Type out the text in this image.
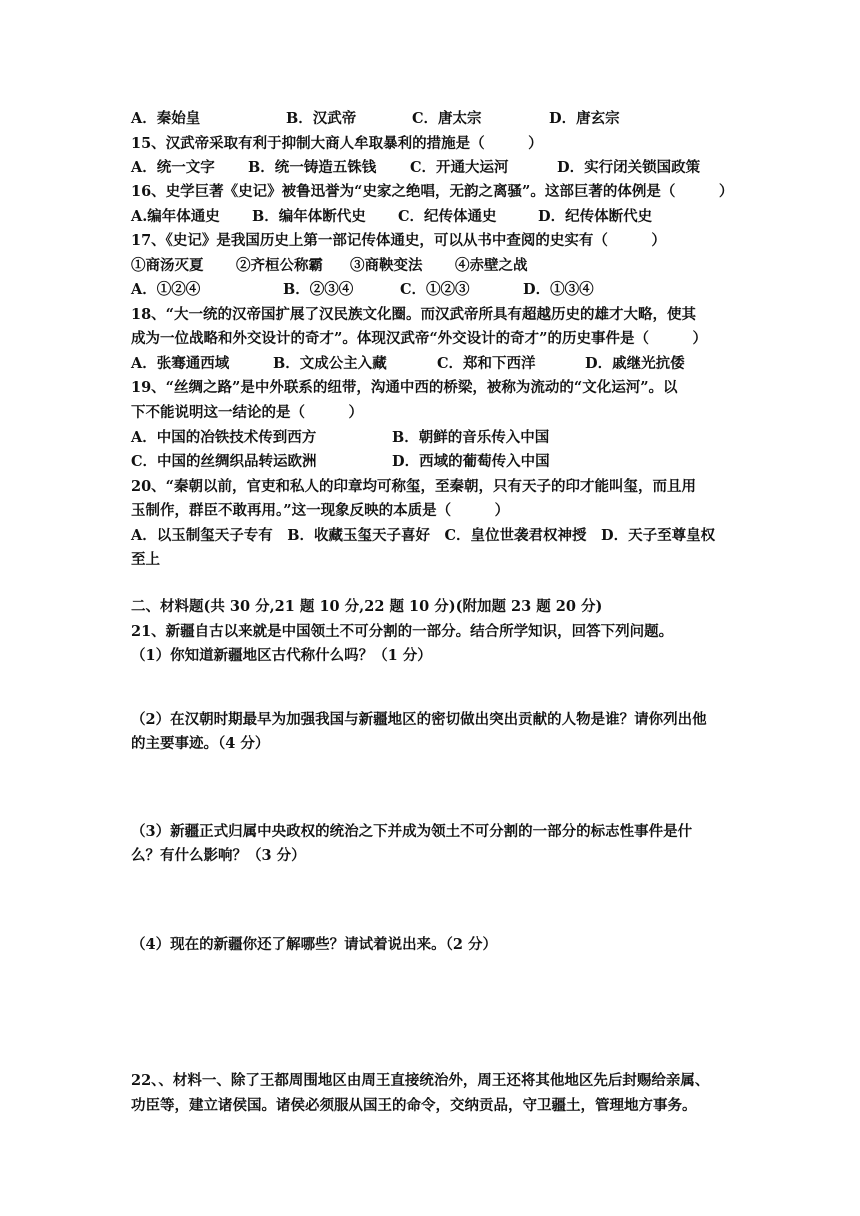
A．秦始皇	B．汉武帝	C．唐太宗	D．唐玄宗
15、汉武帝采取有利于抑制大商人牟取暴利的措施是（　　　）
A．统一文字 B．统一铸造五铢钱 C．开通大运河	D．实行闭关锁国政策
16、史学巨著《史记》被鲁迅誉为“史家之绝唱，无韵之离骚”。这部巨著的体例是（　　　）
A.编年体通史 B．编年体断代史 C．纪传体通史	D．纪传体断代史
17、《史记》是我国历史上第一部记传体通史，可以从书中查阅的史实有（　　　）
①商汤灭夏 ②齐桓公称霸 ③商鞅变法 ④赤壁之战
A．①②④	B．②③④	C．①②③	D．①③④
18、“大一统的汉帝国扩展了汉民族文化圈。而汉武帝所具有超越历史的雄才大略，使其
成为一位战略和外交设计的奇才”。体现汉武帝“外交设计的奇才”的历史事件是（　　　）
A．张骞通西域	B．文成公主入藏	C．郑和下西洋	D．戚继光抗倭
19、“丝绸之路”是中外联系的纽带，沟通中西的桥梁，被称为流动的“文化运河”。以
下不能说明这一结论的是（　　　）
A．中国的冶铁技术传到西方	B．朝鲜的音乐传入中国
C．中国的丝绸织品转运欧洲	D．西域的葡萄传入中国
20、“秦朝以前，官吏和私人的印章均可称玺，至秦朝，只有天子的印才能叫玺，而且用
玉制作，群臣不敢再用。”这一现象反映的本质是（　　　）
A．以玉制玺天子专有　B．收藏玉玺天子喜好　C．皇位世袭君权神授　D．天子至尊皇权
至上
二、材料题(共 30 分,21 题 10 分,22 题 10 分)(附加题 23 题 20 分)
21、新疆自古以来就是中国领土不可分割的一部分。结合所学知识，回答下列问题。
（1）你知道新疆地区古代称什么吗？（1 分）
（2）在汉朝时期最早为加强我国与新疆地区的密切做出突出贡献的人物是谁？请你列出他
的主要事迹。（4 分）
（3）新疆正式归属中央政权的统治之下并成为领土不可分割的一部分的标志性事件是什
么？有什么影响？（3 分）
（4）现在的新疆你还了解哪些？请试着说出来。（2 分）
22、、材料一、除了王都周围地区由周王直接统治外，周王还将其他地区先后封赐给亲属、
功臣等，建立诸侯国。诸侯必须服从国王的命令，交纳贡品，守卫疆土，管理地方事务。
